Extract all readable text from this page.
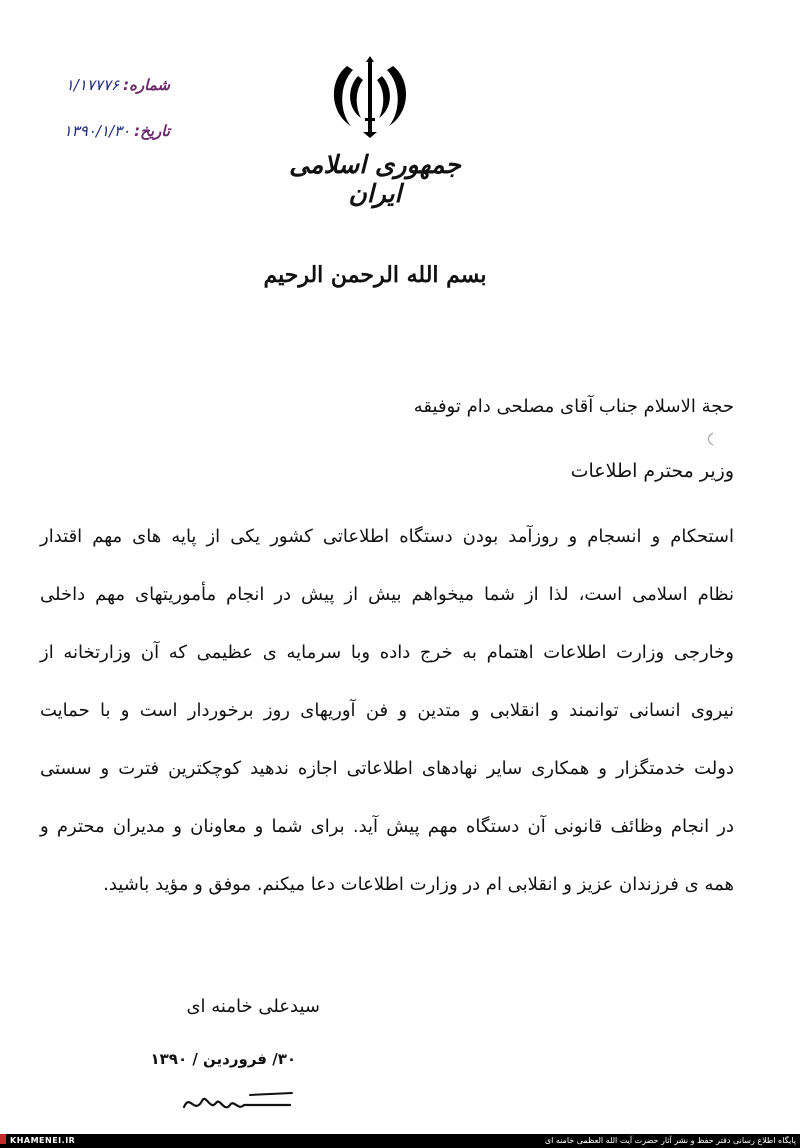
شماره:
۱/۱۷۷۷۶
تاریخ:
۱۳۹۰/۱/۳۰
جمهوری اسلامی ایران
بسم الله الرحمن الرحیم
حجة الاسلام جناب آقای مصلحی دام توفیقه
وزیر محترم اطلاعات
استحکام و انسجام و روزآمد بودن دستگاه اطلاعاتی کشور یکی از پایه های مهم اقتدار
نظام اسلامی است، لذا از شما میخواهم بیش از پیش در انجام مأموریتهای مهم داخلی
وخارجی وزارت اطلاعات اهتمام به خرج داده وبا سرمایه ی عظیمی که آن وزارتخانه از
نیروی انسانی توانمند و انقلابی و متدین و فن آوریهای روز برخوردار است و با حمایت
دولت خدمتگزار و همکاری سایر نهادهای اطلاعاتی اجازه ندهید کوچکترین فترت و سستی
در انجام وظائف قانونی آن دستگاه مهم پیش آید. برای شما و معاونان و مدیران محترم و
همه ی فرزندان عزیز و انقلابی ام در وزارت اطلاعات دعا میکنم. موفق و مؤید باشید.
سیدعلی خامنه ای
۳۰/ فروردین / ۱۳۹۰
KHAMENEI.IR	پایگاه اطلاع رسانی دفتر حفظ و نشر آثار حضرت آیت الله العظمی خامنه ای
